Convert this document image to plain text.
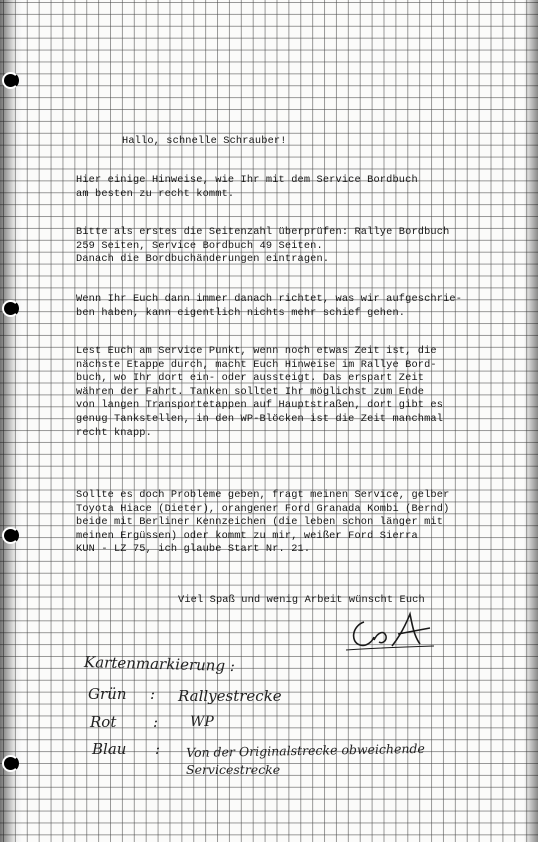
Hallo, schnelle Schrauber!

Hier einige Hinweise, wie Ihr mit dem Service Bordbuch
am besten zu recht kommt.

Bitte als erstes die Seitenzahl überprüfen: Rallye Bordbuch
259 Seiten, Service Bordbuch 49 Seiten.
Danach die Bordbuchänderungen eintragen.

Wenn Ihr Euch dann immer danach richtet, was wir aufgeschrie-
ben haben, kann eigentlich nichts mehr schief gehen.

Lest Euch am Service Punkt, wenn noch etwas Zeit ist, die
nächste Etappe durch, macht Euch Hinweise im Rallye Bord-
buch, wo Ihr dort ein- oder aussteigt. Das erspart Zeit
währen der Fahrt. Tanken solltet Ihr möglichst zum Ende
von langen Transportetappen auf Hauptstraßen, dort gibt es
genug Tankstellen, in den WP-Blöcken ist die Zeit manchmal
recht knapp.

Sollte es doch Probleme geben, fragt meinen Service, gelber
Toyota Hiace (Dieter), orangener Ford Granada Kombi (Bernd)
beide mit Berliner Kennzeichen (die leben schon länger mit
meinen Ergüssen) oder kommt zu mir, weißer Ford Sierra
KUN - LZ 75, ich glaube Start Nr. 21.

Viel Spaß und wenig Arbeit wünscht Euch

Kartenmarkierung :

Grün : Rallyestrecke

Rot : WP

Blau : Von der Originalstrecke obweichende

Servicestrecke
